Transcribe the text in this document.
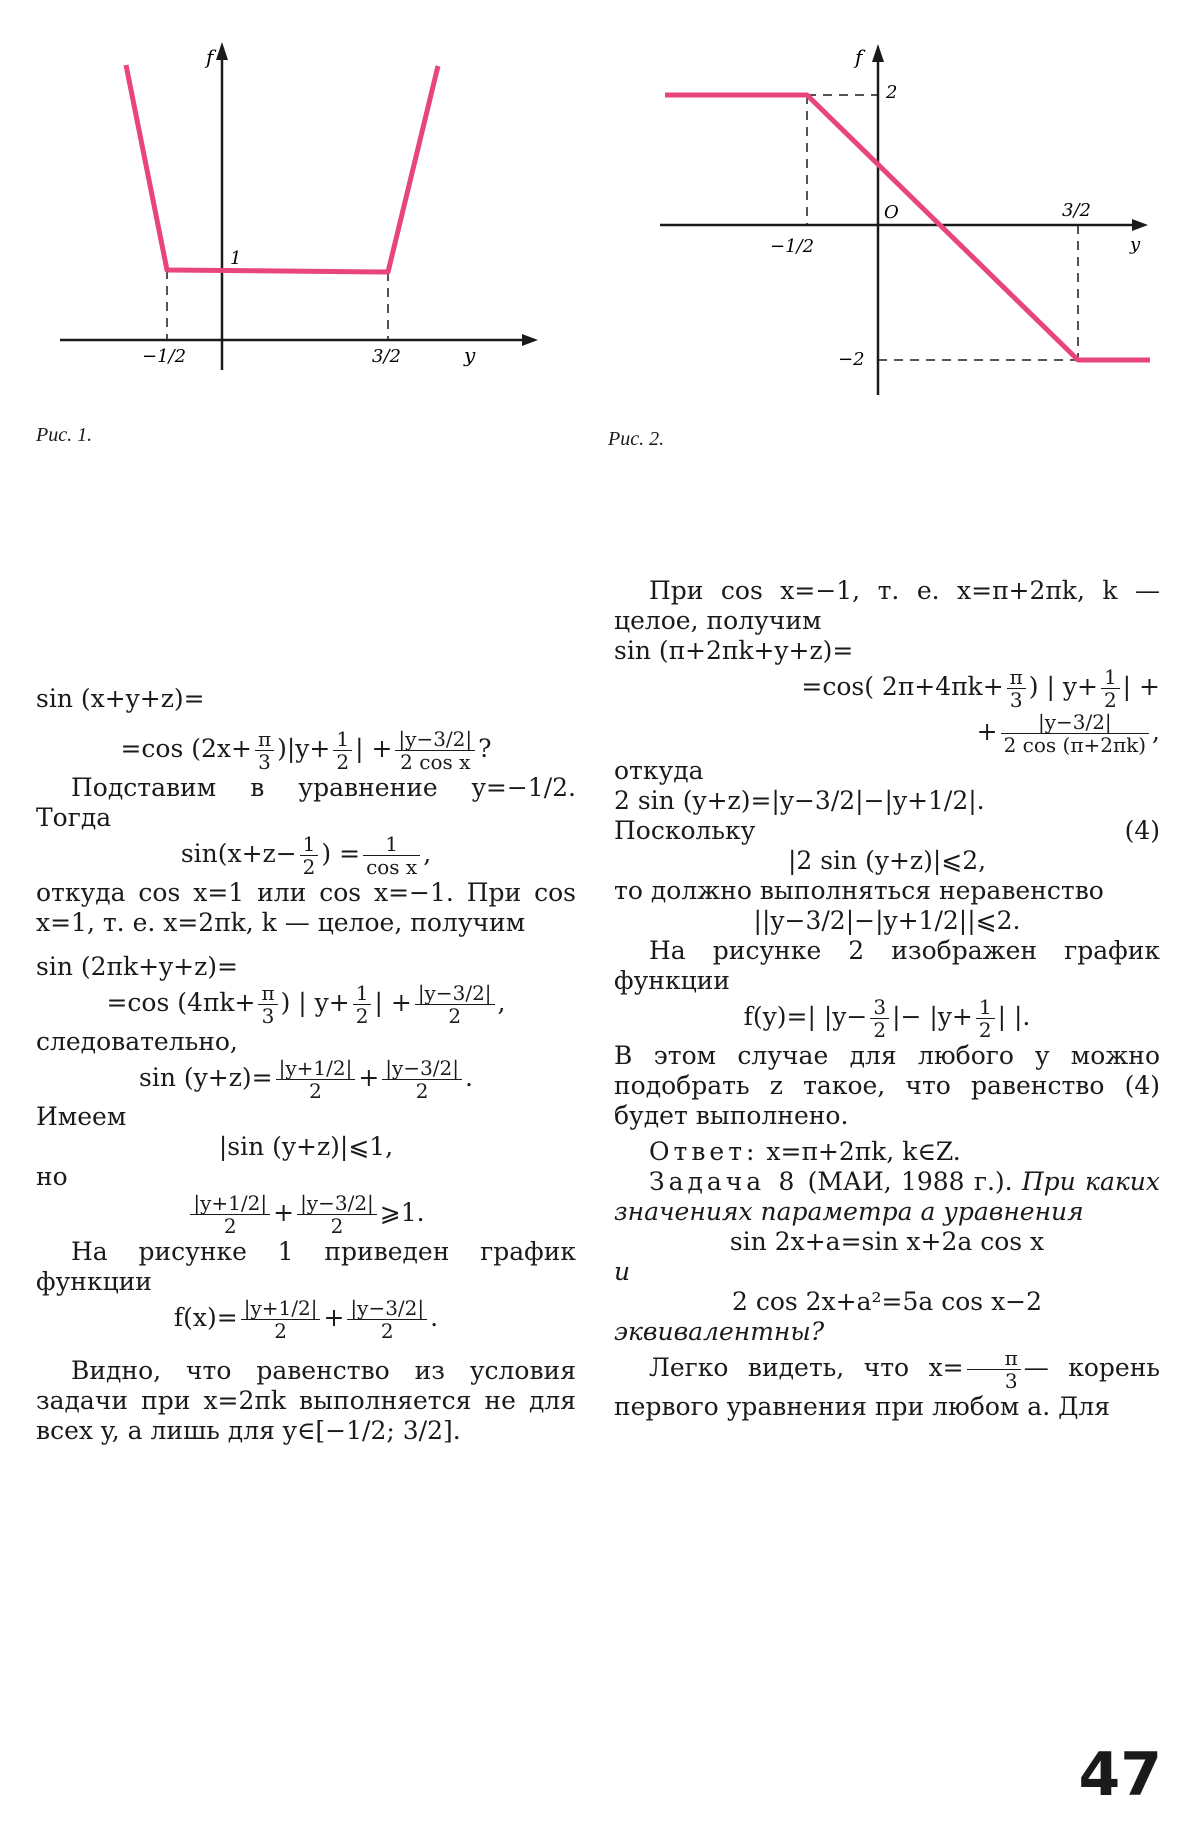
f
y
−1/2	3/2
1
Рис. 1.
f
y
2
−2
−1/2
3/2
O
Рис. 2.

sin (x+y+z)=

=cos $(2x+ \frac{\pi}{3} )|y+ \frac{1}{2}$ | + $\frac{|y-3/2|}{\text{2 cos x}}$ ?

Подставим в уравнение y=−1/2. Тогда

$\sin(x+z- \frac{1}{2}$ ) = $\frac{1}{\text{cos x}}$ ,

откуда cos x=1 или cos x=−1. При cos x=1, т. е. x=2πk, k — целое, получим

sin (2πk+y+z)=

=cos ($4\pi k+ \frac{\pi}{3}$ ) | $y+ \frac{1}{2}$ | + $\frac{|y-3/2|}{2}$ ,

следовательно,

$\sin (y+z)= \frac{|y+1/2|}{2} + \frac{|y-3/2|}{2}$ .

Имеем

|sin (y+z)|⩽1,

но

$\frac{|y+1/2|}{2} + \frac{|y-3/2|}{2}$ ⩾1.

На рисунке 1 приведен график функции

$f(x)= \frac{|y+1/2|}{2} + \frac{|y-3/2|}{2}$ .

Видно, что равенство из условия задачи при x=2πk выполняется не для всех y, а лишь для y∈[−1/2; 3/2].

При cos x=−1, т. е. x=π+2πk, k — целое, получим

sin (π+2πk+y+z)=

=cos( $2\pi+4\pi k+ \frac{\pi}{3}$ ) | $y+ \frac{1}{2}$ | +

+ $\frac{|y-3/2|}{2 \cos (\pi+2\pi k)}$ ,

откуда

2 sin (y+z)=|y−3/2|−|y+1/2|.

Поскольку	(4)

|2 sin (y+z)|⩽2,

то должно выполняться неравенство

||y−3/2|−|y+1/2||⩽2.

На рисунке 2 изображен график функции

f(y)=| $|y- \frac{3}{2}$ |− $|y+ \frac{1}{2}$ | |.

В этом случае для любого y можно подобрать z такое, что равенство (4) будет выполнено.

Ответ: x=π+2πk, k∈Z.

Задача 8 (МАИ, 1988 г.). При каких значениях параметра a уравнения

sin 2x+a=sin x+2a cos x

и

2 cos 2x+a²=5a cos x−2

эквивалентны?

Легко видеть, что $x= \frac{\pi}{3}$ — корень первого уравнения при любом a. Для

47
